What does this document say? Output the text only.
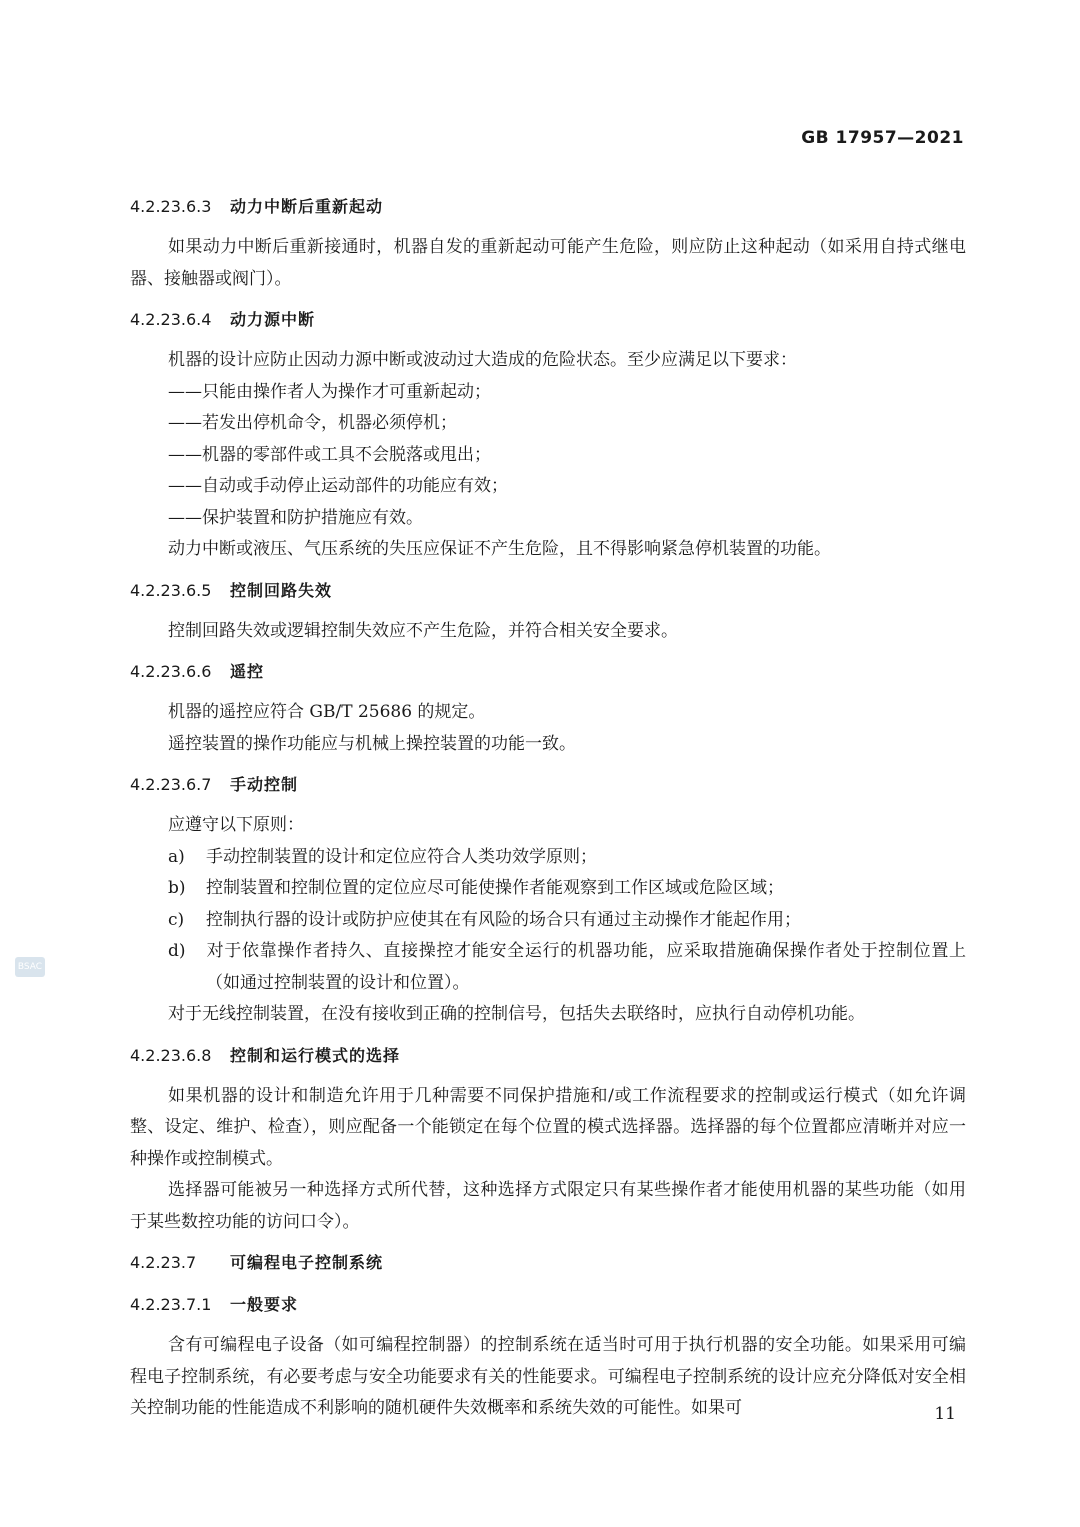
GB 17957—2021
BSAC
4.2.23.6.3 动力中断后重新起动

如果动力中断后重新接通时，机器自发的重新起动可能产生危险，则应防止这种起动（如采用自持式继电器、接触器或阀门）。

4.2.23.6.4 动力源中断

机器的设计应防止因动力源中断或波动过大造成的危险状态。至少应满足以下要求：

——只能由操作者人为操作才可重新起动；

——若发出停机命令，机器必须停机；

——机器的零部件或工具不会脱落或甩出；

——自动或手动停止运动部件的功能应有效；

——保护装置和防护措施应有效。

动力中断或液压、气压系统的失压应保证不产生危险，且不得影响紧急停机装置的功能。

4.2.23.6.5 控制回路失效

控制回路失效或逻辑控制失效应不产生危险，并符合相关安全要求。

4.2.23.6.6 遥控

机器的遥控应符合 GB/T 25686 的规定。

遥控装置的操作功能应与机械上操控装置的功能一致。

4.2.23.6.7 手动控制

应遵守以下原则：

a) 手动控制装置的设计和定位应符合人类功效学原则；

b) 控制装置和控制位置的定位应尽可能使操作者能观察到工作区域或危险区域；

c) 控制执行器的设计或防护应使其在有风险的场合只有通过主动操作才能起作用；

d) 对于依靠操作者持久、直接操控才能安全运行的机器功能，应采取措施确保操作者处于控制位置上（如通过控制装置的设计和位置）。

对于无线控制装置，在没有接收到正确的控制信号，包括失去联络时，应执行自动停机功能。

4.2.23.6.8 控制和运行模式的选择

如果机器的设计和制造允许用于几种需要不同保护措施和/或工作流程要求的控制或运行模式（如允许调整、设定、维护、检查），则应配备一个能锁定在每个位置的模式选择器。选择器的每个位置都应清晰并对应一种操作或控制模式。

选择器可能被另一种选择方式所代替，这种选择方式限定只有某些操作者才能使用机器的某些功能（如用于某些数控功能的访问口令）。

4.2.23.7 可编程电子控制系统
4.2.23.7.1 一般要求

含有可编程电子设备（如可编程控制器）的控制系统在适当时可用于执行机器的安全功能。如果采用可编程电子控制系统，有必要考虑与安全功能要求有关的性能要求。可编程电子控制系统的设计应充分降低对安全相关控制功能的性能造成不利影响的随机硬件失效概率和系统失效的可能性。如果可	11
